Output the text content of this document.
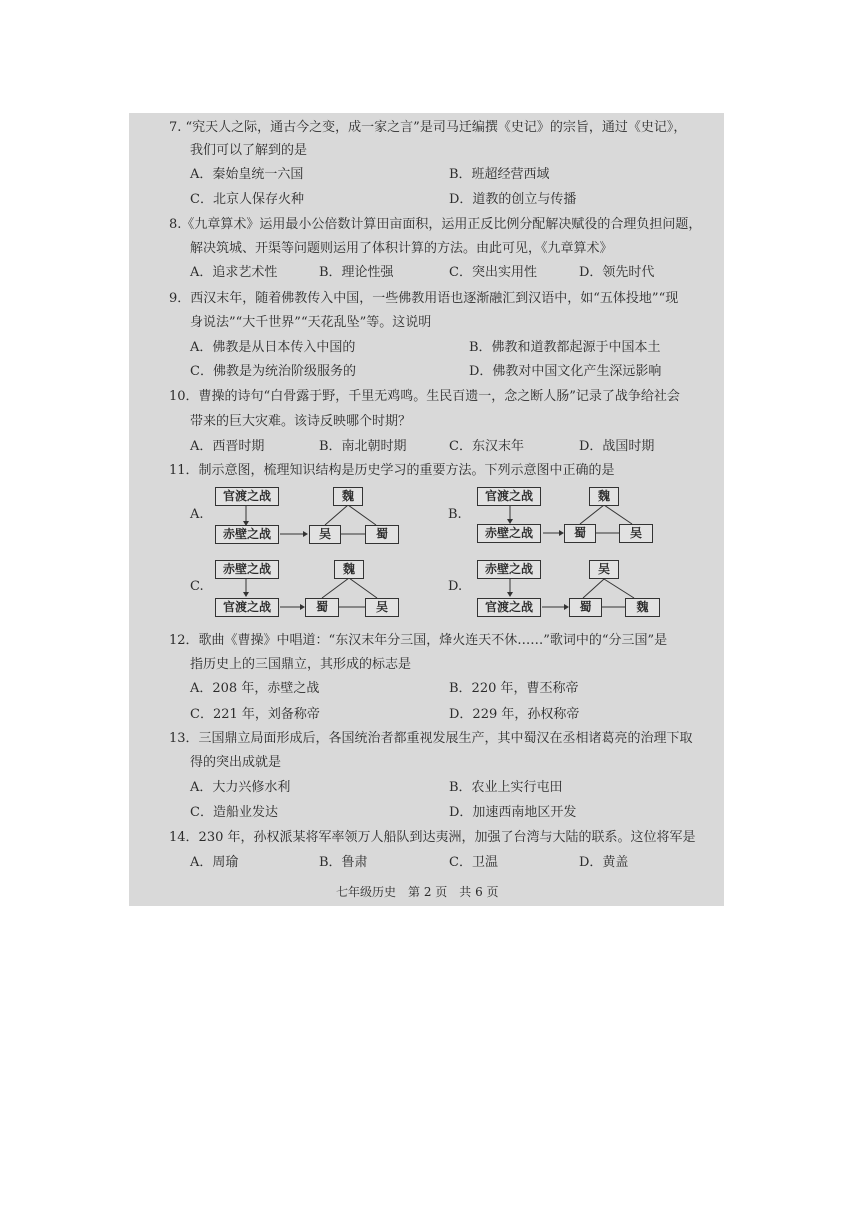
7. “究天人之际，通古今之变，成一家之言”是司马迁编撰《史记》的宗旨，通过《史记》，
我们可以了解到的是
A．秦始皇统一六国	B．班超经营西域
C．北京人保存火种	D．道教的创立与传播
8.《九章算术》运用最小公倍数计算田亩面积，运用正反比例分配解决赋役的合理负担问题，
解决筑城、开渠等问题则运用了体积计算的方法。由此可见，《九章算术》
A．追求艺术性	B．理论性强	C．突出实用性	D．领先时代
9．西汉末年，随着佛教传入中国，一些佛教用语也逐渐融汇到汉语中，如“五体投地”“现
身说法”“大千世界”“天花乱坠”等。这说明
A．佛教是从日本传入中国的	B．佛教和道教都起源于中国本土
C．佛教是为统治阶级服务的	D．佛教对中国文化产生深远影响
10．曹操的诗句“白骨露于野，千里无鸡鸣。生民百遗一，念之断人肠”记录了战争给社会
带来的巨大灾难。该诗反映哪个时期？
A．西晋时期	B．南北朝时期	C．东汉末年	D．战国时期
11．制示意图，梳理知识结构是历史学习的重要方法。下列示意图中正确的是
A.
官渡之战
赤壁之战
魏
吴	蜀
B.
官渡之战
赤壁之战
魏
蜀	吴
C.
赤壁之战
官渡之战
魏
蜀	吴
D.
赤壁之战
官渡之战
吴
蜀	魏
12．歌曲《曹操》中唱道：“东汉末年分三国，烽火连天不休……”歌词中的“分三国”是
指历史上的三国鼎立，其形成的标志是
A．208 年，赤壁之战	B．220 年，曹丕称帝
C．221 年，刘备称帝	D．229 年，孙权称帝
13．三国鼎立局面形成后，各国统治者都重视发展生产，其中蜀汉在丞相诸葛亮的治理下取
得的突出成就是
A．大力兴修水利	B．农业上实行屯田
C．造船业发达	D．加速西南地区开发
14．230 年，孙权派某将军率领万人船队到达夷洲，加强了台湾与大陆的联系。这位将军是
A．周瑜	B．鲁肃	C．卫温	D．黄盖
七年级历史　第 2 页　共 6 页
